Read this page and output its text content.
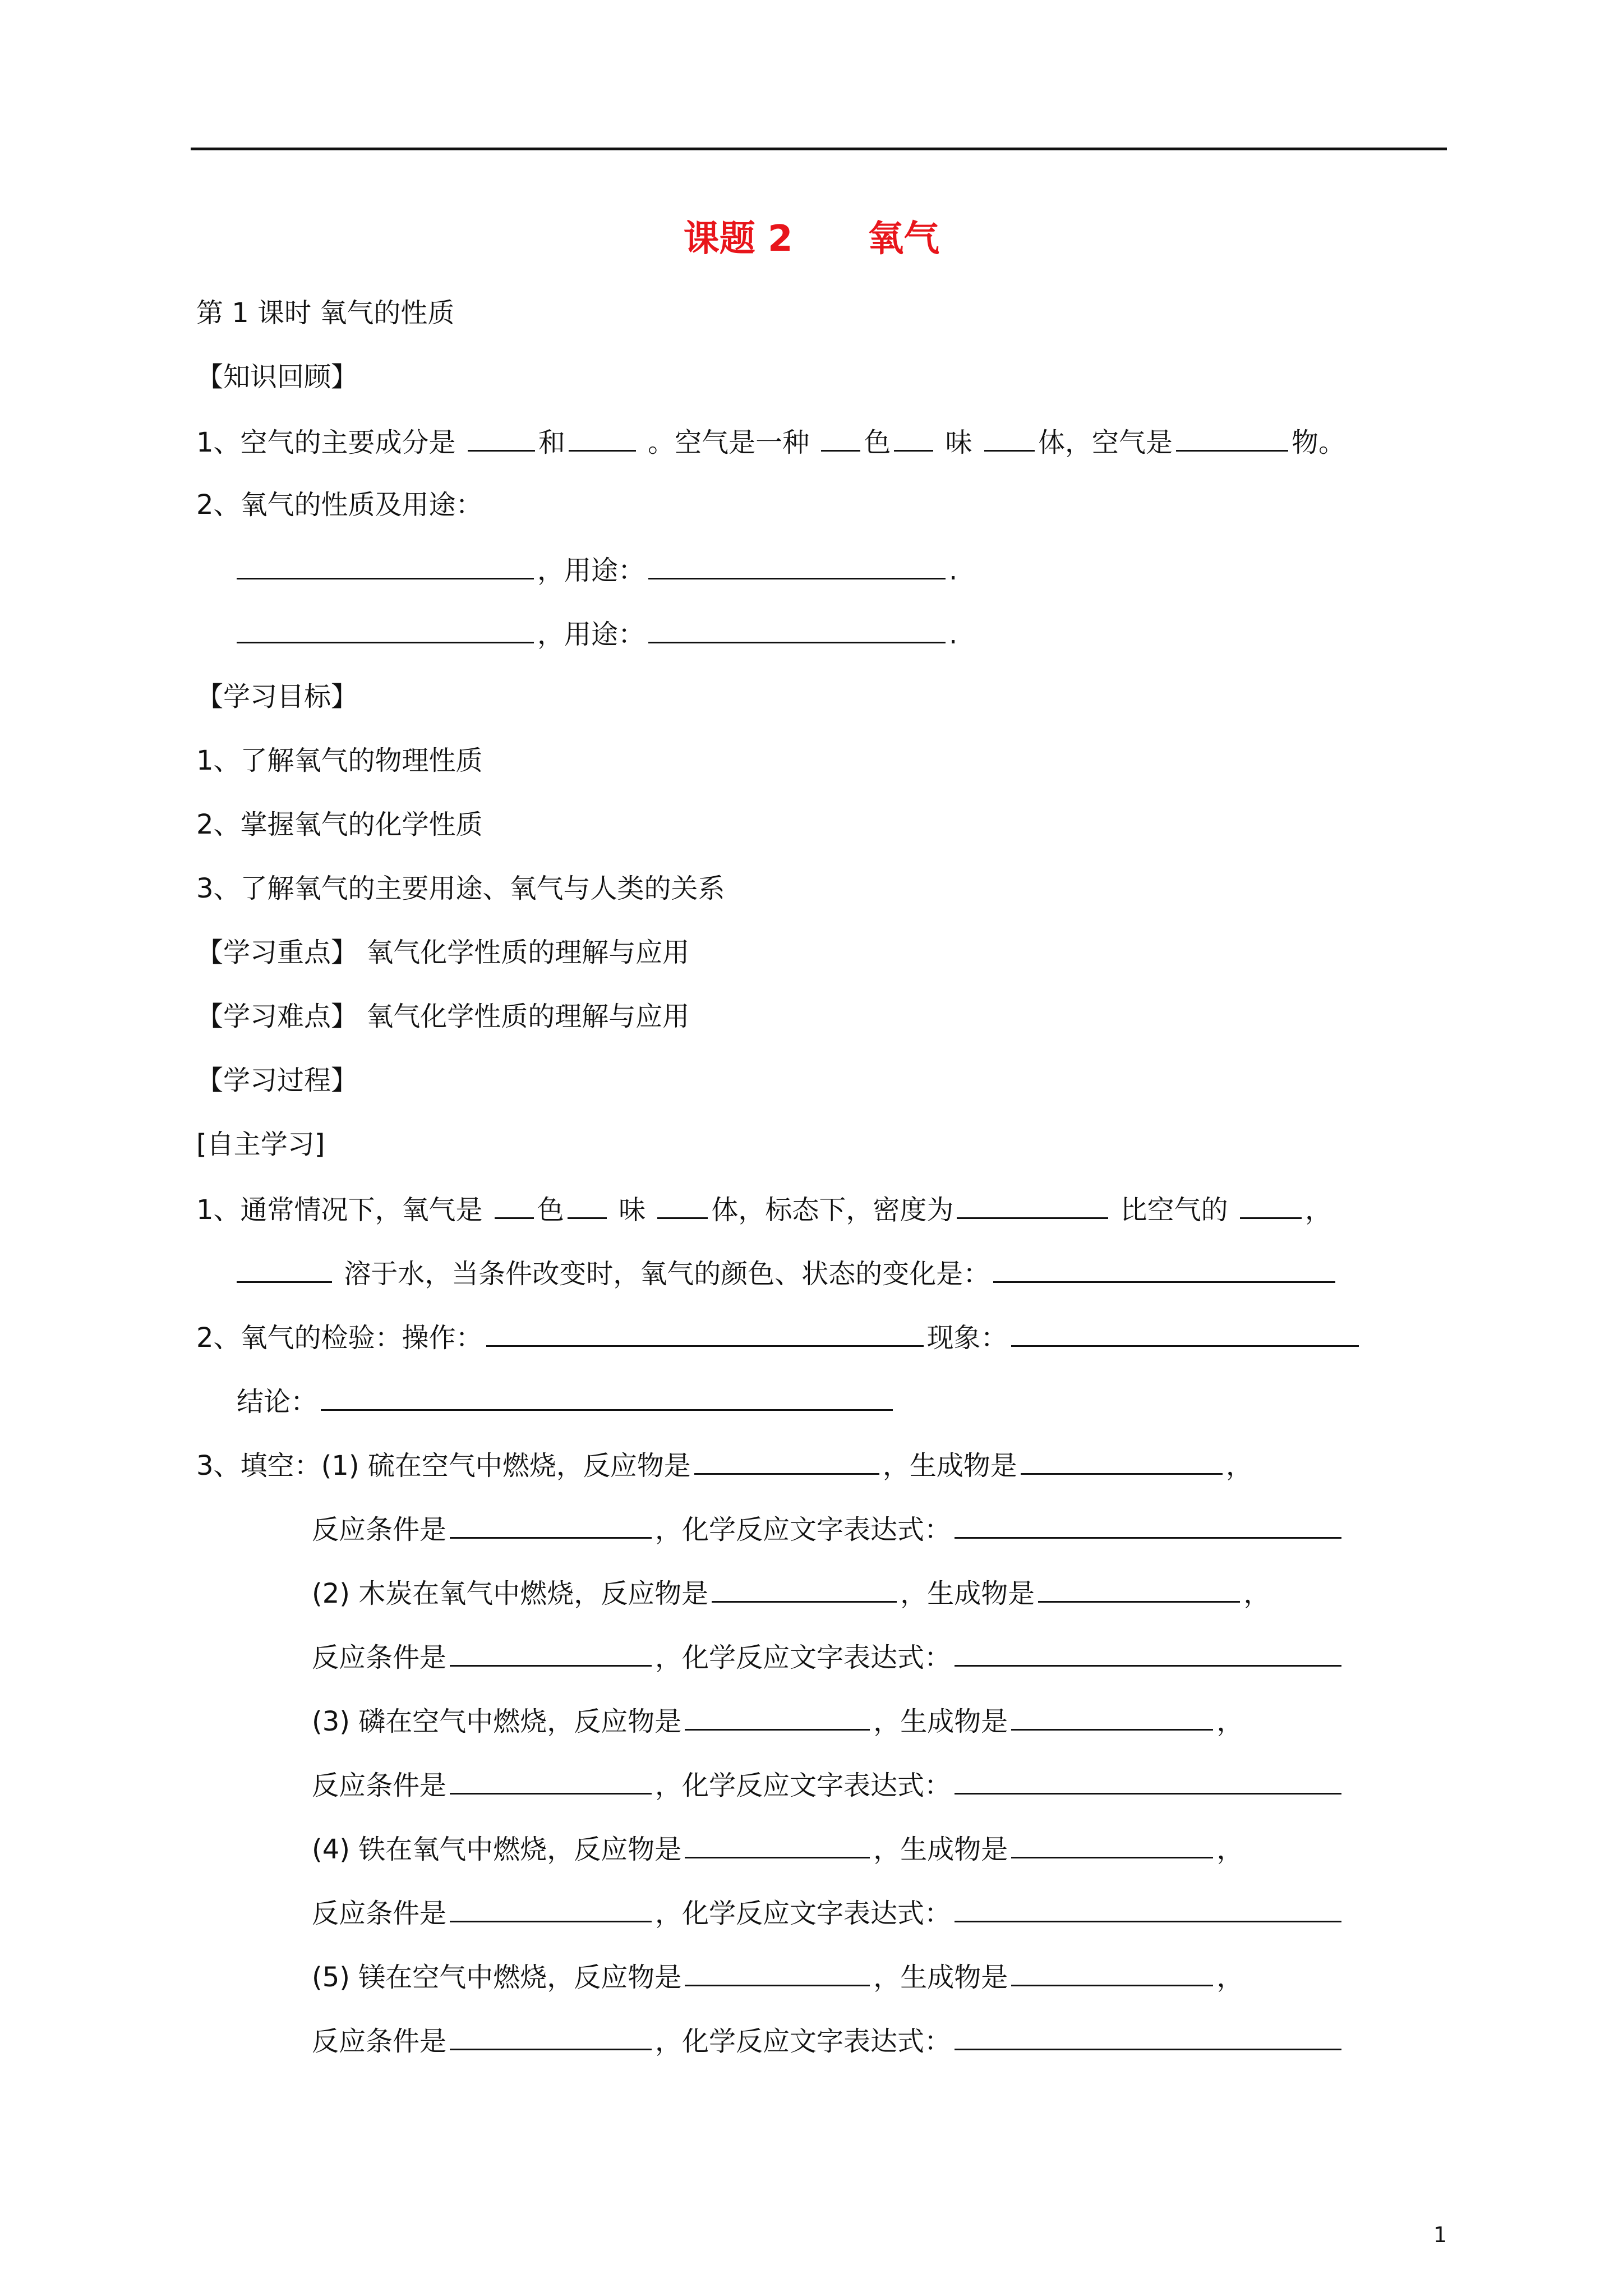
课题 2      氧气
第 1 课时 氧气的性质
【知识回顾】
1、空气的主要成分是	和	。空气是一种 色 味 体，空气是	物。
2、氧气的性质及用途：
，用途：	.
，用途：	.
【学习目标】
1、了解氧气的物理性质
2、掌握氧气的化学性质
3、了解氧气的主要用途、氧气与人类的关系
【学习重点】 氧气化学性质的理解与应用
【学习难点】 氧气化学性质的理解与应用
【学习过程】
[自主学习]
1、通常情况下，氧气是 色 味 体，标态下，密度为	比空气的	，
溶于水，当条件改变时，氧气的颜色、状态的变化是：
2、氧气的检验：操作：	现象：
结论：
3、填空：(1) 硫在空气中燃烧，反应物是	，生成物是	，
反应条件是	，化学反应文字表达式：
(2) 木炭在氧气中燃烧，反应物是	，生成物是	，
反应条件是	，化学反应文字表达式：
(3) 磷在空气中燃烧，反应物是	，生成物是	，
反应条件是	，化学反应文字表达式：
(4) 铁在氧气中燃烧，反应物是	，生成物是	，
反应条件是	，化学反应文字表达式：
(5) 镁在空气中燃烧，反应物是	，生成物是	，
反应条件是	，化学反应文字表达式：
1
